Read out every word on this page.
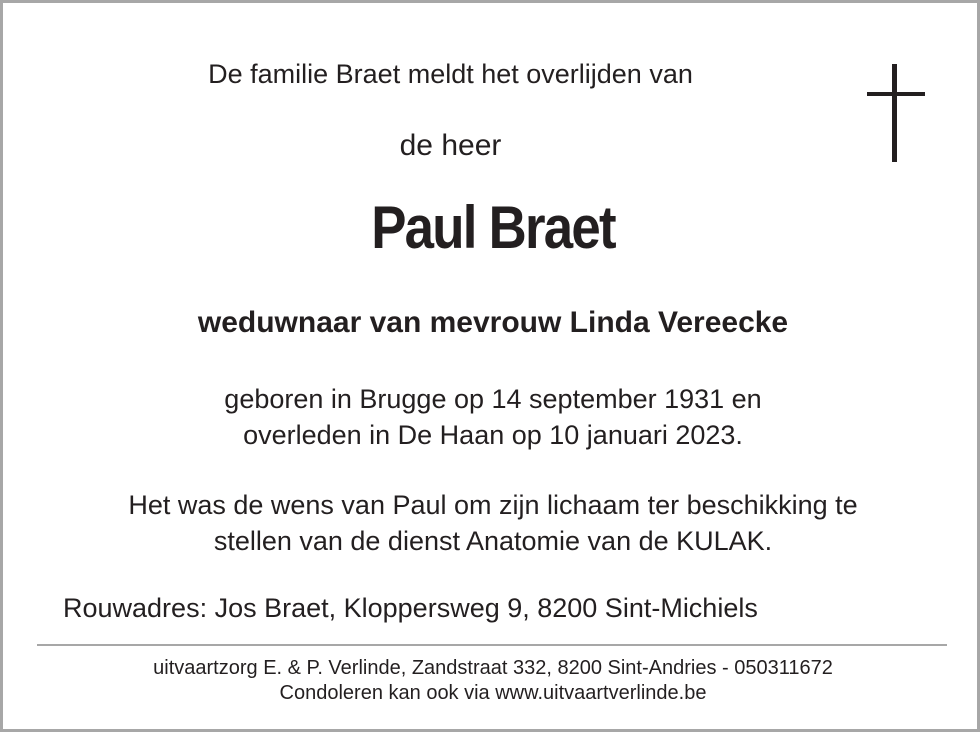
De familie Braet meldt het overlijden van
de heer
Paul Braet
weduwnaar van mevrouw Linda Vereecke
geboren in Brugge op 14 september 1931 en
overleden in De Haan op 10 januari 2023.
Het was de wens van Paul om zijn lichaam ter beschikking te
stellen van de dienst Anatomie van de KULAK.
Rouwadres: Jos Braet, Kloppersweg 9, 8200 Sint-Michiels
uitvaartzorg E. & P. Verlinde, Zandstraat 332, 8200 Sint-Andries - 050311672
Condoleren kan ook via www.uitvaartverlinde.be
